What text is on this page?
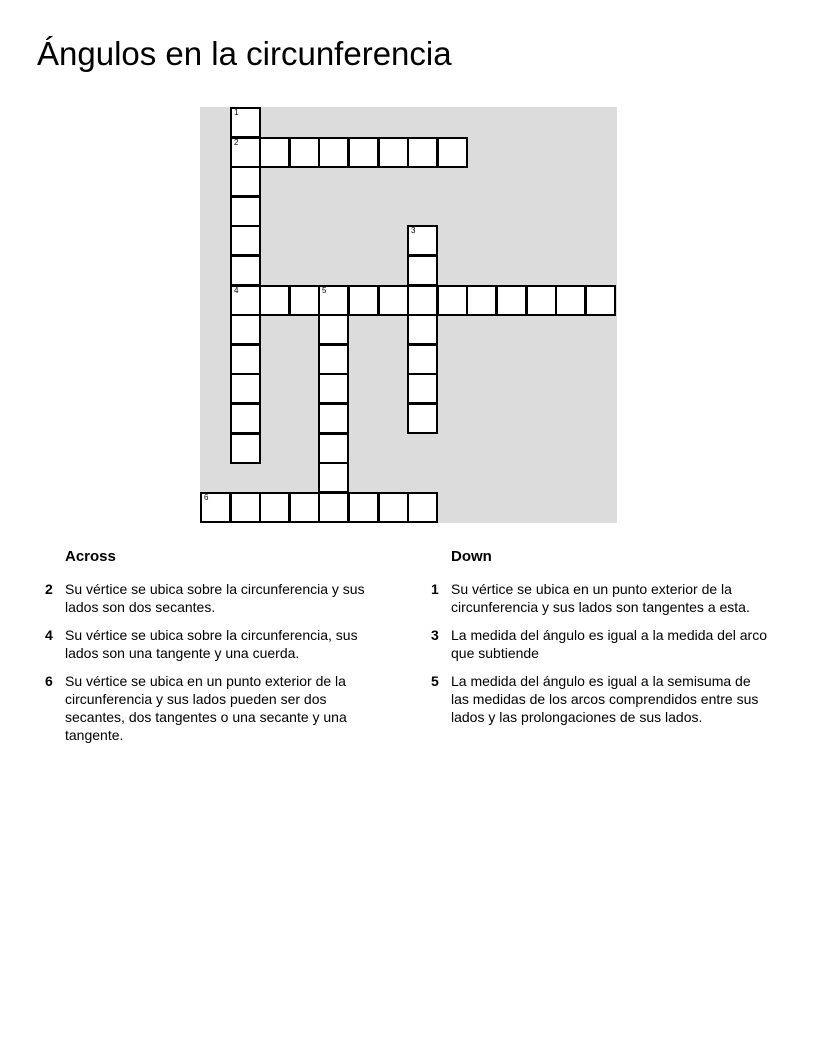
Ángulos en la circunferencia
1
2
4
3
5
6
Across
2 Su vértice se ubica sobre la circunferencia y sus lados son dos secantes.
4 Su vértice se ubica sobre la circunferencia, sus lados son una tangente y una cuerda.
6 Su vértice se ubica en un punto exterior de la circunferencia y sus lados pueden ser dos secantes, dos tangentes o una secante y una tangente.
Down
1 Su vértice se ubica en un punto exterior de la circunferencia y sus lados son tangentes a esta.
3 La medida del ángulo es igual a la medida del arco que subtiende
5 La medida del ángulo es igual a la semisuma de las medidas de los arcos comprendidos entre sus lados y las prolongaciones de sus lados.
